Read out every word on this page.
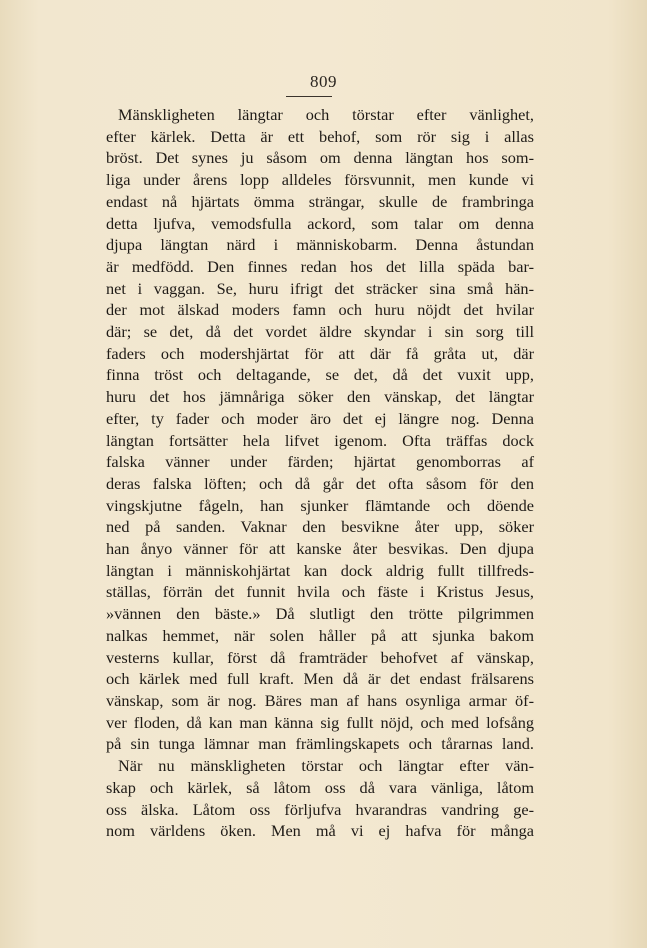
809
Mänskligheten längtar och törstar efter vänlighet,
efter kärlek. Detta är ett behof, som rör sig i allas
bröst. Det synes ju såsom om denna längtan hos som-
liga under årens lopp alldeles försvunnit, men kunde vi
endast nå hjärtats ömma strängar, skulle de frambringa
detta ljufva, vemodsfulla ackord, som talar om denna
djupa längtan närd i människobarm. Denna åstundan
är medfödd. Den finnes redan hos det lilla späda bar-
net i vaggan. Se, huru ifrigt det sträcker sina små hän-
der mot älskad moders famn och huru nöjdt det hvilar
där; se det, då det vordet äldre skyndar i sin sorg till
faders och modershjärtat för att där få gråta ut, där
finna tröst och deltagande, se det, då det vuxit upp,
huru det hos jämnåriga söker den vänskap, det längtar
efter, ty fader och moder äro det ej längre nog. Denna
längtan fortsätter hela lifvet igenom. Ofta träffas dock
falska vänner under färden; hjärtat genomborras af
deras falska löften; och då går det ofta såsom för den
vingskjutne fågeln, han sjunker flämtande och döende
ned på sanden. Vaknar den besvikne åter upp, söker
han ånyo vänner för att kanske åter besvikas. Den djupa
längtan i människohjärtat kan dock aldrig fullt tillfreds-
ställas, förrän det funnit hvila och fäste i Kristus Jesus,
»vännen den bäste.» Då slutligt den trötte pilgrimmen
nalkas hemmet, när solen håller på att sjunka bakom
vesterns kullar, först då framträder behofvet af vänskap,
och kärlek med full kraft. Men då är det endast frälsarens
vänskap, som är nog. Bäres man af hans osynliga armar öf-
ver floden, då kan man känna sig fullt nöjd, och med lofsång
på sin tunga lämnar man främlingskapets och tårarnas land.
När nu mänskligheten törstar och längtar efter vän-
skap och kärlek, så låtom oss då vara vänliga, låtom
oss älska. Låtom oss förljufva hvarandras vandring ge-
nom världens öken. Men må vi ej hafva för många
